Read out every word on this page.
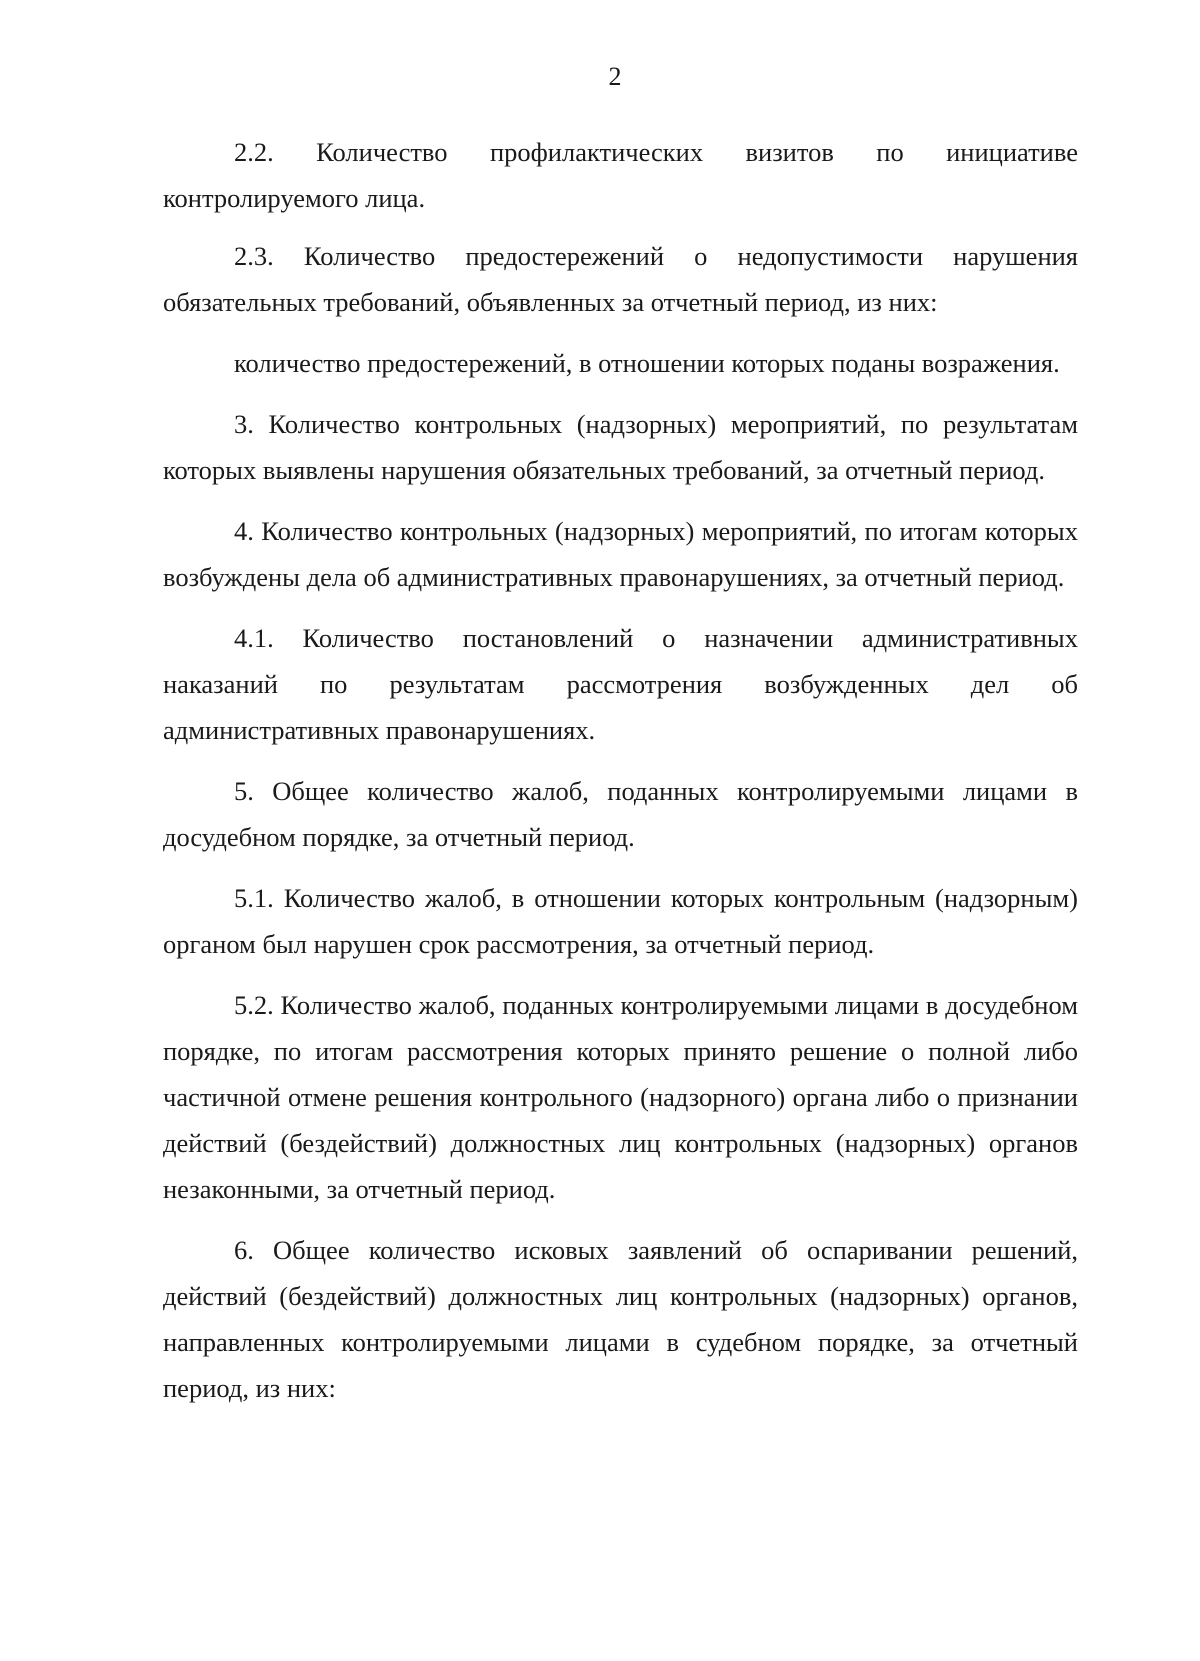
2

2.2. Количество профилактических визитов по инициативе контролируемого лица.

2.3. Количество предостережений о недопустимости нарушения обязательных требований, объявленных за отчетный период, из них:

количество предостережений, в отношении которых поданы возражения.

3. Количество контрольных (надзорных) мероприятий, по результатам которых выявлены нарушения обязательных требований, за отчетный период.

4. Количество контрольных (надзорных) мероприятий, по итогам которых возбуждены дела об административных правонарушениях, за отчетный период.

4.1. Количество постановлений о назначении административных наказаний по результатам рассмотрения возбужденных дел об административных правонарушениях.

5. Общее количество жалоб, поданных контролируемыми лицами в досудебном порядке, за отчетный период.

5.1. Количество жалоб, в отношении которых контрольным (надзорным) органом был нарушен срок рассмотрения, за отчетный период.

5.2. Количество жалоб, поданных контролируемыми лицами в досудебном порядке, по итогам рассмотрения которых принято решение о полной либо частичной отмене решения контрольного (надзорного) органа либо о признании действий (бездействий) должностных лиц контрольных (надзорных) органов незаконными, за отчетный период.

6. Общее количество исковых заявлений об оспаривании решений, действий (бездействий) должностных лиц контрольных (надзорных) органов, направленных контролируемыми лицами в судебном порядке, за отчетный период, из них:
